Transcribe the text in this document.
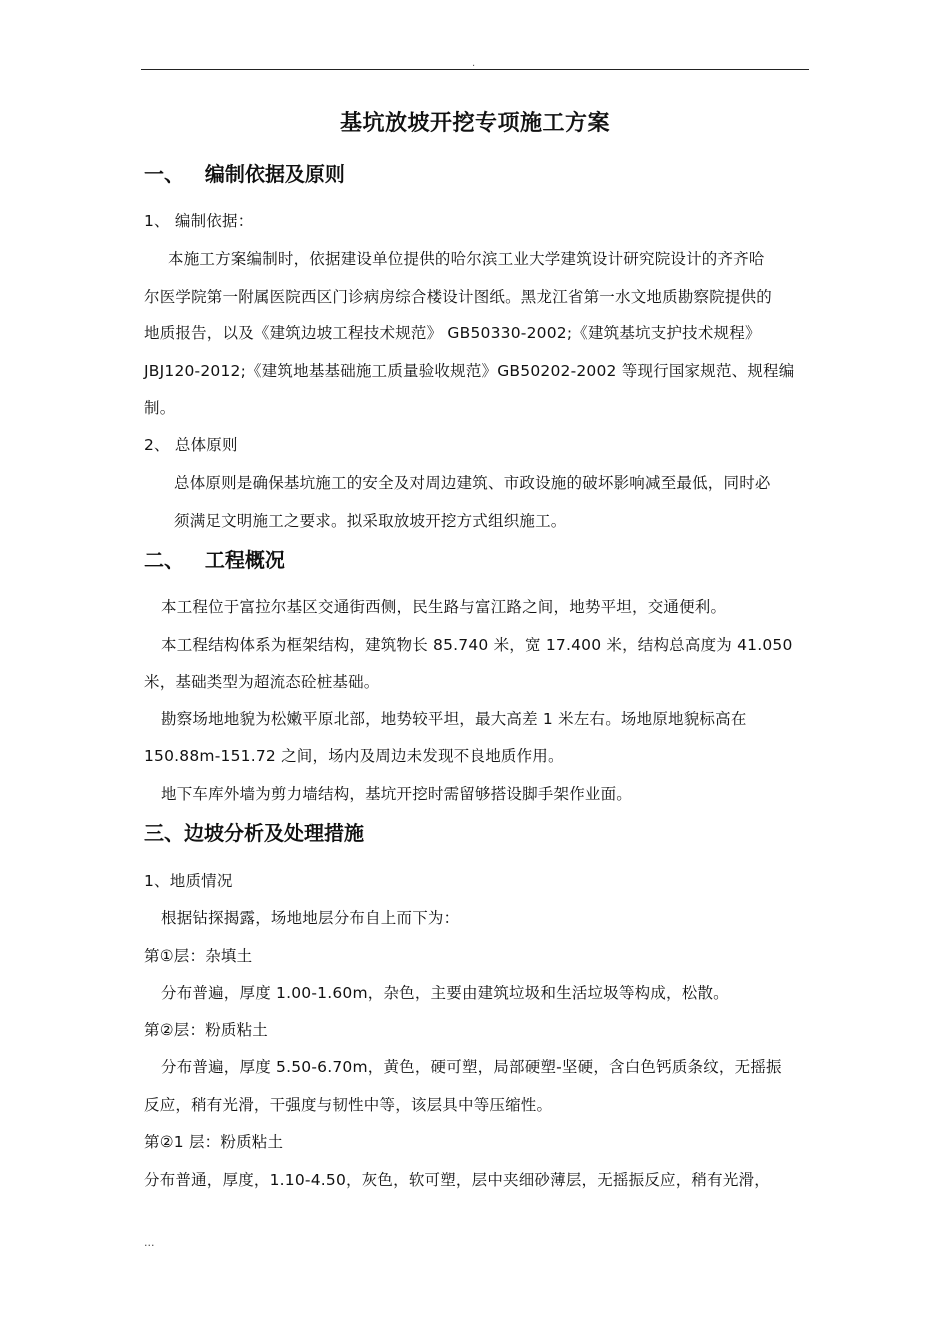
.
基坑放坡开挖专项施工方案
一、   编制依据及原则
1、 编制依据：
本施工方案编制时，依据建设单位提供的哈尔滨工业大学建筑设计研究院设计的齐齐哈
尔医学院第一附属医院西区门诊病房综合楼设计图纸。黑龙江省第一水文地质勘察院提供的
地质报告，以及《建筑边坡工程技术规范》 GB50330-2002;《建筑基坑支护技术规程》
JBJ120-2012;《建筑地基基础施工质量验收规范》GB50202-2002 等现行国家规范、规程编
制。
2、 总体原则
总体原则是确保基坑施工的安全及对周边建筑、市政设施的破坏影响减至最低，同时必
须满足文明施工之要求。拟采取放坡开挖方式组织施工。
二、   工程概况
本工程位于富拉尔基区交通街西侧，民生路与富江路之间，地势平坦，交通便利。
本工程结构体系为框架结构，建筑物长 85.740 米，宽 17.400 米，结构总高度为 41.050
米，基础类型为超流态砼桩基础。
勘察场地地貌为松嫩平原北部，地势较平坦，最大高差 1 米左右。场地原地貌标高在
150.88m-151.72 之间，场内及周边未发现不良地质作用。
地下车库外墙为剪力墙结构，基坑开挖时需留够搭设脚手架作业面。
三、边坡分析及处理措施
1、地质情况
根据钻探揭露，场地地层分布自上而下为：
第①层：杂填土
分布普遍，厚度 1.00-1.60m，杂色，主要由建筑垃圾和生活垃圾等构成，松散。
第②层：粉质粘土
分布普遍，厚度 5.50-6.70m，黄色，硬可塑，局部硬塑-坚硬，含白色钙质条纹，无摇振
反应，稍有光滑，干强度与韧性中等，该层具中等压缩性。
第②1 层：粉质粘土
分布普通，厚度，1.10-4.50，灰色，软可塑，层中夹细砂薄层，无摇振反应，稍有光滑，
...
